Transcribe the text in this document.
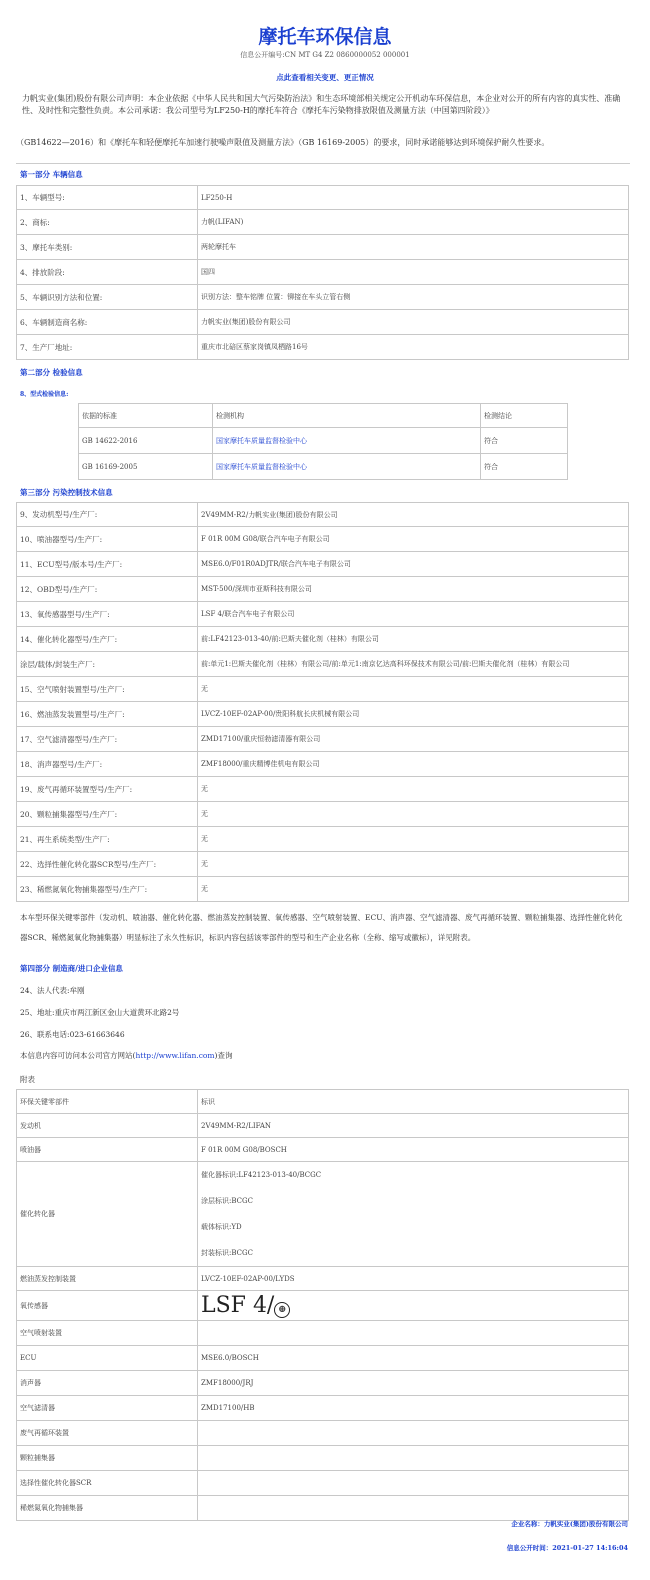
摩托车环保信息
信息公开编号:CN MT G4 Z2 0860000052 000001
点此查看相关变更、更正情况
力帆实业(集团)股份有限公司声明：本企业依据《中华人民共和国大气污染防治法》和生态环境部相关规定公开机动车环保信息，本企业对公开的所有内容的真实性、准确性、及时性和完整性负责。本公司承诺：我公司型号为LF250-H的摩托车符合《摩托车污染物排放限值及测量方法（中国第四阶段）》
（GB14622—2016）和《摩托车和轻便摩托车加速行驶噪声限值及测量方法》（GB 16169-2005）的要求，同时承诺能够达到环境保护耐久性要求。
第一部分 车辆信息
1、车辆型号:	LF250-H
2、商标:	力帆(LIFAN)
3、摩托车类别:	两轮摩托车
4、排放阶段:	国四
5、车辆识别方法和位置:	识别方法：整车铭牌 位置：铆接在车头立管右侧
6、车辆制造商名称:	力帆实业(集团)股份有限公司
7、生产厂地址:	重庆市北碚区蔡家岗镇凤栖路16号
第二部分 检验信息
8、型式检验信息:
依据的标准	检测机构	检测结论
GB 14622-2016	国家摩托车质量监督检验中心	符合
GB 16169-2005	国家摩托车质量监督检验中心	符合
第三部分 污染控制技术信息
9、发动机型号/生产厂:	2V49MM-R2/力帆实业(集团)股份有限公司
10、喷油器型号/生产厂:	F 01R 00M G08/联合汽车电子有限公司
11、ECU型号/版本号/生产厂:	MSE6.0/F01R0ADJTR/联合汽车电子有限公司
12、OBD型号/生产厂:	MST-500/深圳市亚斯科技有限公司
13、氧传感器型号/生产厂:	LSF 4/联合汽车电子有限公司
14、催化转化器型号/生产厂:	前:LF42123-013-40/前:巴斯夫催化剂（桂林）有限公司
涂层/载体/封装生产厂:	前:单元1:巴斯夫催化剂（桂林）有限公司/前:单元1:南京亿达高科环保技术有限公司/前:巴斯夫催化剂（桂林）有限公司
15、空气喷射装置型号/生产厂:	无
16、燃油蒸发装置型号/生产厂:	LVCZ-10EF-02AP-00/贵阳科航长庆机械有限公司
17、空气滤清器型号/生产厂:	ZMD17100/重庆恒勃滤清器有限公司
18、消声器型号/生产厂:	ZMF18000/重庆精博佳机电有限公司
19、废气再循环装置型号/生产厂:	无
20、颗粒捕集器型号/生产厂:	无
21、再生系统类型/生产厂:	无
22、选择性催化转化器SCR型号/生产厂:	无
23、稀燃氮氧化物捕集器型号/生产厂:	无
本车型环保关键零部件（发动机、喷油器、催化转化器、燃油蒸发控制装置、氧传感器、空气喷射装置、ECU、消声器、空气滤清器、废气再循环装置、颗粒捕集器、选择性催化转化器SCR、稀燃氮氧化物捕集器）明显标注了永久性标识，标识内容包括该零部件的型号和生产企业名称（全称、缩写或徽标），详见附表。
第四部分 制造商/进口企业信息
24、法人代表:牟刚
25、地址:重庆市两江新区金山大道黄环北路2号
26、联系电话:023-61663646
本信息内容可访问本公司官方网站(http://www.lifan.com)查询
附表
环保关键零部件	标识
发动机	2V49MM-R2/LIFAN
喷油器	F 01R 00M G08/BOSCH
催化转化器	催化器标识:LF42123-013-40/BCGC
涂层标识:BCGC
载体标识:YD
封装标识:BCGC

燃油蒸发控制装置	LVCZ-10EF-02AP-00/LYDS
氧传感器	LSF 4/ ⊕
空气喷射装置	
ECU	MSE6.0/BOSCH
消声器	ZMF18000/JRJ
空气滤清器	ZMD17100/HB
废气再循环装置	
颗粒捕集器	
选择性催化转化器SCR	
稀燃氮氧化物捕集器	
企业名称：力帆实业(集团)股份有限公司
信息公开时间：2021-01-27 14:16:04
